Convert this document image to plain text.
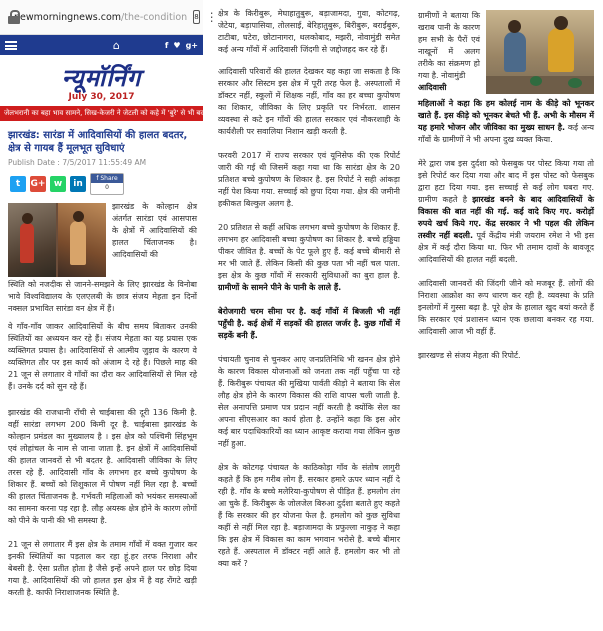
newmorningnews.com/the-condition 8 ⋮
⌂	f ♥ g+
न्यूमॉर्निंग
July 30, 2017
जेलभरानी का बहा भाव सामने, सिख-केजरी ने जेटली को कहे में 'बुरे' से भी बदतर समय
झारखंड: सारंडा में आदिवासियों की हालत बदतर, क्षेत्र से गायब हैं मूलभूत सुविधाएं
Publish Date : 7/5/2017 11:55:49 AM
t	G+ w	in
f Share
0
झारखंड के कोल्हान क्षेत्र अंतर्गत सारंडा एवं आसपास के क्षेत्रों में आदिवासियों की हालत चिंताजनक है। आदिवासियों की
स्थिति को नजदीक से जानने-समझने के लिए झारखंड के विनोबा भावे विश्वविद्यालय के एलएलबी के छात्र संजय मेहता इन दिनों नक्सल प्रभावित सारंडा वन क्षेत्र में हैं।
वे गाँव-गाँव जाकर आदिवासियों के बीच समय बिताकर उनकी स्थितियों का अध्ययन कर रहे हैं। संजय मेहता का यह प्रयास एक व्यक्तिगत प्रयास है। आदिवासियों से आत्मीय जुड़ाव के कारण वे व्यक्तिगत तौर पर इस कार्य को अंजाम दे रहे हैं। पिछले माह की 21 जून से लगातार वे गाँवों का दौरा कर आदिवासियों से मिल रहे हैं। उनके दर्द को सुन रहे हैं।
झारखंड की राजधानी राँची से चाईबासा की दूरी 136 किमी है. वहीं सारंडा लगभग 200 किमी दूर है. चाईबासा झारखंड के कोल्हान प्रमंडल का मुख्यालय है । इस क्षेत्र को पश्चिमी सिंहभूम एवं लोहांचल के नाम से जाना जाता है. इन क्षेत्रों में आदिवासियों की हालत जानवरों से भी बदतर है. आदिवासी जीविका के लिए तरस रहे हैं. आदिवासी गाँव के लगभग हर बच्चे कुपोषण के शिकार हैं. बच्चों को शिशुकाल में पोषण नहीं मिल रहा है. बच्चों की हालत चिंताजनक है. गर्भवती महिलाओं को भयंकर समस्याओं का सामना करना पड़ रहा है. लौह अयस्क क्षेत्र होने के कारण लोगों को पीने के पानी की भी समस्या है.
21 जून से लगातार मैं इस क्षेत्र के तमाम गाँवों में वक्त गुजार कर इनकी स्थितियों का पड़ताल कर रहा हूं.हर तरफ निराशा और बेबसी है. ऐसा प्रतीत होता है जैसे इन्हें अपने हाल पर छोड़ दिया गया है. आदिवासियों की जो हालत इस क्षेत्र में है वह रोंगटे खड़ी करती है. काफी निराशाजनक स्थिति है.
क्षेत्र के किरीबुरू, मेघाहातुबुरू, बड़ाजामदा, गुवा, कोटगढ़, जेटेया, बड़ापासिया, तोलसाई, बेरिहातुबुरू, बिरीबुरू, बराईबुरू, टाटीबा, घटेरा, छोटानागरा, थलकोबाद, मझरी, नोवामुंडी समेत कई अन्य गाँवों में आदिवासी जिंदगी से जद्दोजहद कर रहे हैं।
आदिवासी परिवारों की हालत देखकर यह कहा जा सकता है कि सरकार और सिस्टम इस क्षेत्र में पूरी तरह फेल है. अस्पतालों में डॉक्टर नहीं, स्कूलों में शिक्षक नहीं, गाँव का हर बच्चा कुपोषण का शिकार, जीविका के लिए प्रकृति पर निर्भरता. शासन व्यवस्था से कटे इन गाँवों की हालत सरकार एवं नौकरशाही के कार्यशैली पर सवालिया निशान खड़ी करती है.
फरवरी 2017 में राज्य सरकार एवं यूनिसेफ की एक रिपोर्ट जारी की गई थी जिसमें कहा गया था कि सारंडा क्षेत्र के 20 प्रतिशत बच्चे कुपोषण के शिकार है. इस रिपोर्ट ने सही आंकड़ा नहीं पेश किया गया. सच्चाई को छुपा दिया गया. क्षेत्र की जमीनी हकीकत बिल्कुल अलग है.
20 प्रतिशत से कहीं अधिक लगभग बच्चे कुपोषण के शिकार हैं. लगभग हर आदिवासी बच्चा कुपोषण का शिकार है. बच्चे हड्डिया पीकर जीवित है. बच्चों के पेट फूले हुए हैं. कई बच्चे बीमारी से मर भी जाते हैं. लेकिन किसी की कुछ पता भी नहीं चल पाता. इस क्षेत्र के कुछ गाँवों में सरकारी सुविधाओं का बुरा हाल है. ग्रामीणों के सामने पीने के पानी के लाले हैं.
बेरोजगारी चरम सीमा पर है. कई गाँवों में बिजली भी नहीं पहुँची है. कई क्षेत्रों में सड़कों की हालत जर्जर है. कुछ गाँवों में सड़कें बनी हैं.
पंचायती चुनाव से चुनकर आए जनप्रतिनिधि भी खनन क्षेत्र होने के कारण विकास योजनाओं को जनता तक नहीं पहुँचा पा रहे हैं. किरीबुरू पंचायत की मुखिया पार्वती कीड़ो ने बताया कि सेल लौह क्षेत्र होने के कारण विकास की राशि वापस चली जाती है. सेल अनापत्ति प्रमाण पत्र प्रदान नहीं करती है क्योंकि सेल का अपना सीएसआर का कार्य होता है. उन्होंने कहा कि इस ओर कई बार पदाधिकारियों का ध्यान आकृष्ट कराया गया लेकिन कुछ नहीं हुआ.
क्षेत्र के कोटगढ़ पंचायत के काठिकोड़ा गाँव के संतोष लागुरी कहते हैं कि हम गरीब लोग हैं. सरकार हमारे ऊपर ध्यान नहीं दे रही है. गाँव के बच्चे मलेरिया-कुपोषण से पीड़ित हैं. हमलोग तंग आ चुके हैं. किरीबुरू के जोलजेल बिरुआ दुर्दशा बताते हुए कहते हैं कि सरकार की हर योजना फेल है. हमलोग को कुछ सुविधा कहीं से नहीं मिल रहा है. बड़ाजामदा के प्रफुल्ला नाकुड़ ने कहा कि इस क्षेत्र में विकास का काम भगवान भरोसे है. बच्चे बीमार रहते हैं. अस्पताल में डॉक्टर नहीं आते हैं. हमलोग कर भी तो क्या करें ?
ग्रामीणों ने बताया कि खराब पानी के कारण हम सभी के पैरों एवं नाखूनों में अलग तरीके का संक्रमण हो गया है. नोवामुंडी
आदिवासी
महिलाओं ने कहा कि हम कोलई नाम के कीड़े को भूनकर खाते हैं. इस कीड़े को भूनकर बेचते भी हैं. अभी के मौसम में यह हमारे भोजन और जीविका का मुख्य साधन है. कई अन्य गाँवों के ग्रामीणों ने भी अपना दुख व्यक्त किया.
मेरे द्वारा जब इस दुर्दशा को फेसबुक पर पोस्ट किया गया तो इसे रिपोर्ट कर दिया गया और बाद में इस पोस्ट को फेसबुक द्वारा हटा दिया गया. इस सच्चाई से कई लोग घबरा गए. ग्रामीण कहते है झारखंड बनने के बाद आदिवासियों के विकास की बात नहीं की गई. कई वादे किए गए. करोड़ों रुपये खर्च किये गए. केंद्र सरकार ने भी पहल की लेकिन तस्वीर नहीं बदली. पूर्व केंद्रीय मंत्री जयराम रमेश ने भी इस क्षेत्र में कई दौरा किया था. फिर भी तमाम दावों के बावजूद आदिवासियों की हालत नहीं बदली.
आदिवासी जानवरों की जिंदगी जीने को मजबूर हैं. लोगों की निराशा आक्रोश का रूप धारण कर रही है. व्यवस्था के प्रति इनलोगों में गुस्सा बढ़ा है. पूरे क्षेत्र के हालात खुद बयां करते हैं कि सरकार एवं प्रशासन ध्यान एक छलावा बनकर रह गया. आदिवासी आज भी वहीं हैं.
झारखण्ड से संजय मेहता की रिपोर्ट.
